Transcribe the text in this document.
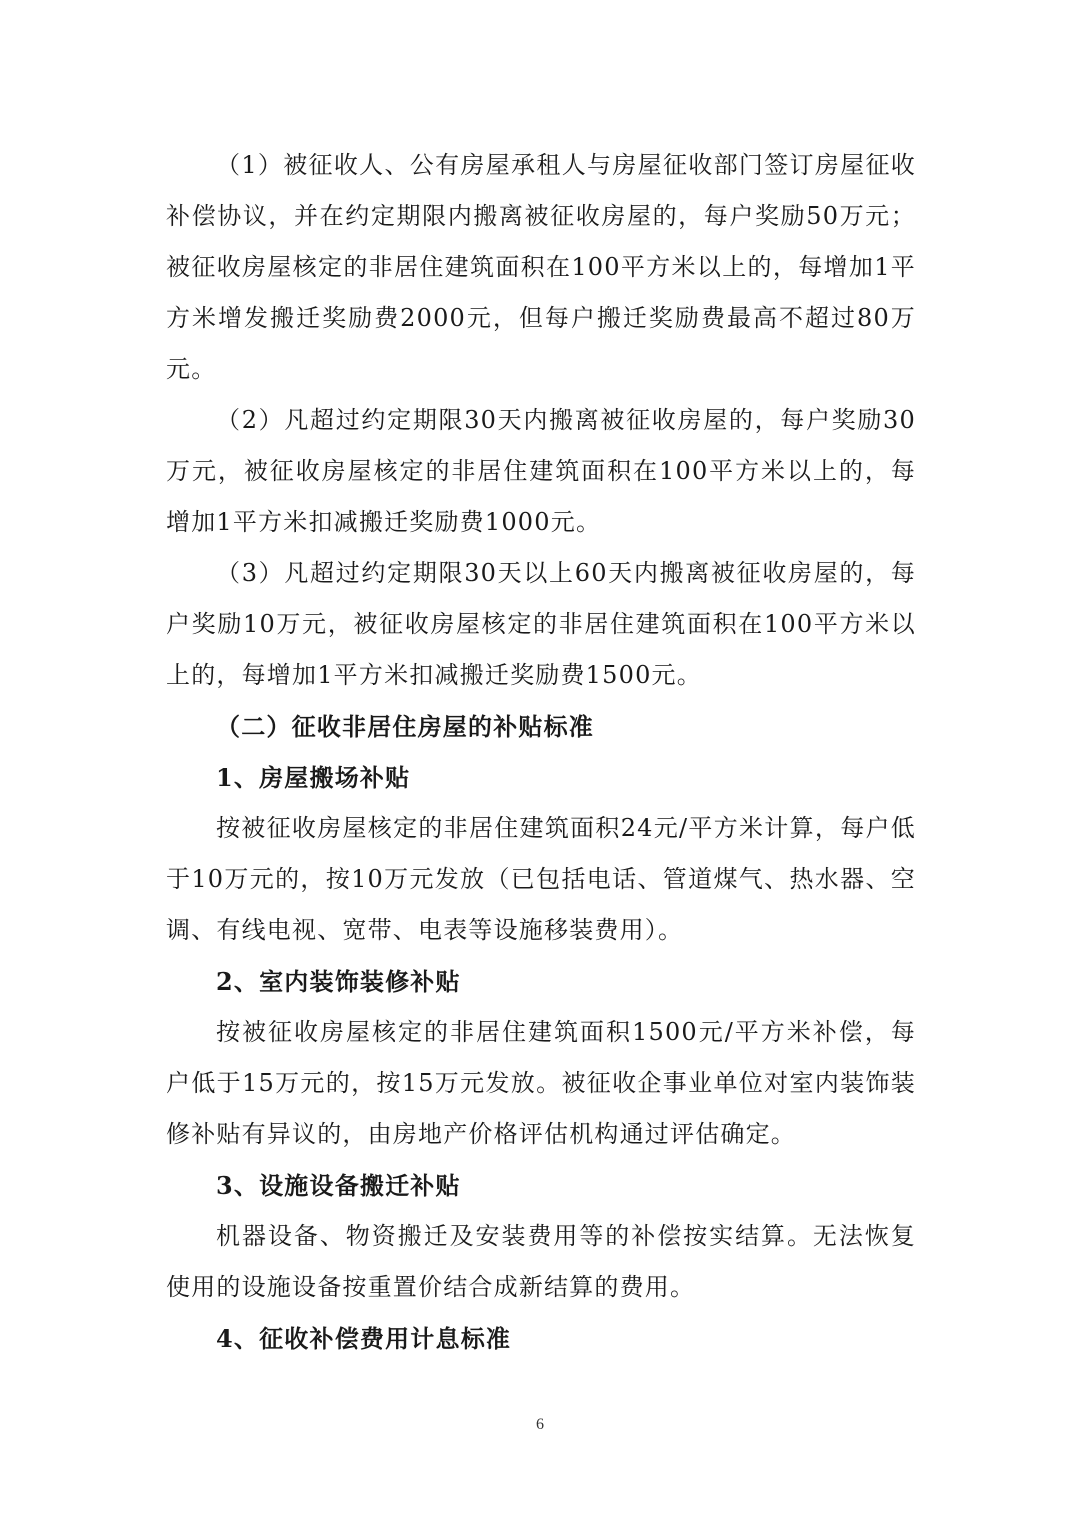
（1）被征收人、公有房屋承租人与房屋征收部门签订房屋征收补偿协议，并在约定期限内搬离被征收房屋的，每户奖励50万元；被征收房屋核定的非居住建筑面积在100平方米以上的，每增加1平方米增发搬迁奖励费2000元，但每户搬迁奖励费最高不超过80万元。

（2）凡超过约定期限30天内搬离被征收房屋的，每户奖励30万元，被征收房屋核定的非居住建筑面积在100平方米以上的，每增加1平方米扣减搬迁奖励费1000元。

（3）凡超过约定期限30天以上60天内搬离被征收房屋的，每户奖励10万元，被征收房屋核定的非居住建筑面积在100平方米以上的，每增加1平方米扣减搬迁奖励费1500元。

（二）征收非居住房屋的补贴标准

1、房屋搬场补贴

按被征收房屋核定的非居住建筑面积24元/平方米计算，每户低于10万元的，按10万元发放（已包括电话、管道煤气、热水器、空调、有线电视、宽带、电表等设施移装费用）。

2、室内装饰装修补贴

按被征收房屋核定的非居住建筑面积1500元/平方米补偿，每户低于15万元的，按15万元发放。被征收企事业单位对室内装饰装修补贴有异议的，由房地产价格评估机构通过评估确定。

3、设施设备搬迁补贴

机器设备、物资搬迁及安装费用等的补偿按实结算。无法恢复使用的设施设备按重置价结合成新结算的费用。

4、征收补偿费用计息标准

6
